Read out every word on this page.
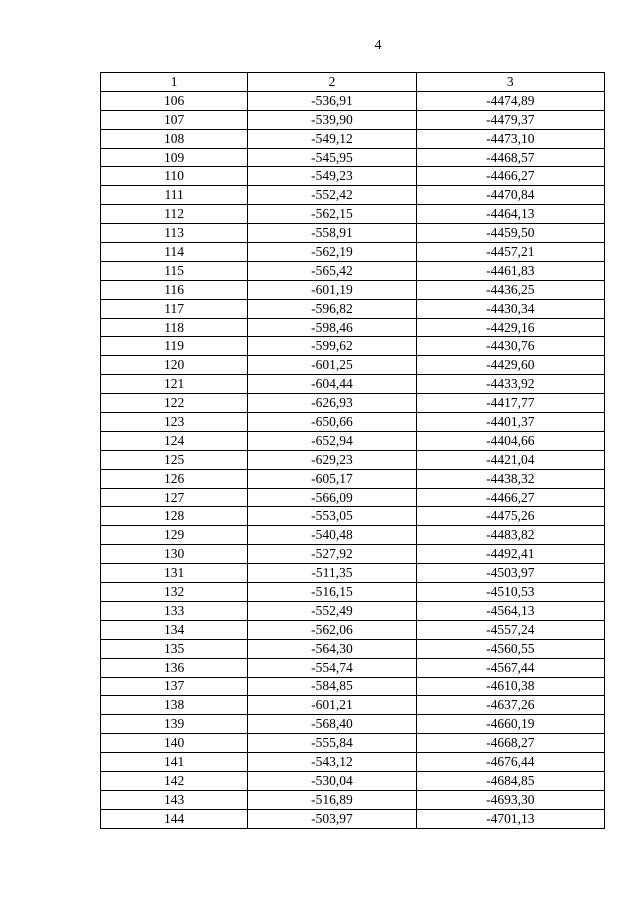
4
1	2	3
106	-536,91	-4474,89
107	-539,90	-4479,37
108	-549,12	-4473,10
109	-545,95	-4468,57
110	-549,23	-4466,27
111	-552,42	-4470,84
112	-562,15	-4464,13
113	-558,91	-4459,50
114	-562,19	-4457,21
115	-565,42	-4461,83
116	-601,19	-4436,25
117	-596,82	-4430,34
118	-598,46	-4429,16
119	-599,62	-4430,76
120	-601,25	-4429,60
121	-604,44	-4433,92
122	-626,93	-4417,77
123	-650,66	-4401,37
124	-652,94	-4404,66
125	-629,23	-4421,04
126	-605,17	-4438,32
127	-566,09	-4466,27
128	-553,05	-4475,26
129	-540,48	-4483,82
130	-527,92	-4492,41
131	-511,35	-4503,97
132	-516,15	-4510,53
133	-552,49	-4564,13
134	-562,06	-4557,24
135	-564,30	-4560,55
136	-554,74	-4567,44
137	-584,85	-4610,38
138	-601,21	-4637,26
139	-568,40	-4660,19
140	-555,84	-4668,27
141	-543,12	-4676,44
142	-530,04	-4684,85
143	-516,89	-4693,30
144	-503,97	-4701,13
